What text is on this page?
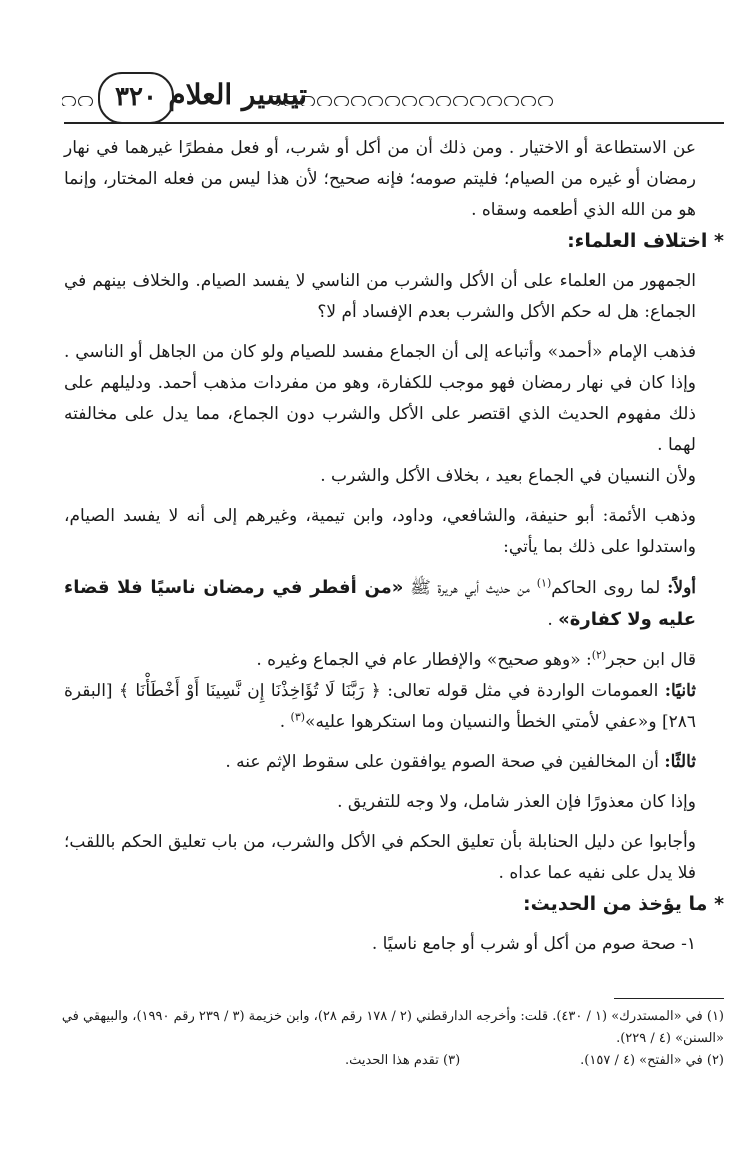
تيسير العلام
٣٢٠

عن الاستطاعة أو الاختيار . ومن ذلك أن من أكل أو شرب، أو فعل مفطرًا غيرهما في نهار رمضان أو غيره من الصيام؛ فليتم صومه؛ فإنه صحيح؛ لأن هذا ليس من فعله المختار، وإنما هو من الله الذي أطعمه وسقاه .

* اختلاف العلماء:

الجمهور من العلماء على أن الأكل والشرب من الناسي لا يفسد الصيام. والخلاف بينهم في الجماع: هل له حكم الأكل والشرب بعدم الإفساد أم لا؟

فذهب الإمام «أحمد» وأتباعه إلى أن الجماع مفسد للصيام ولو كان من الجاهل أو الناسي . وإذا كان في نهار رمضان فهو موجب للكفارة، وهو من مفردات مذهب أحمد. ودليلهم على ذلك مفهوم الحديث الذي اقتصر على الأكل والشرب دون الجماع، مما يدل على مخالفته لهما .

ولأن النسيان في الجماع بعيد ، بخلاف الأكل والشرب .

وذهب الأئمة: أبو حنيفة، والشافعي، وداود، وابن تيمية، وغيرهم إلى أنه لا يفسد الصيام، واستدلوا على ذلك بما يأتي:

أولاً: لما روى الحاكم$^{(١)}$ من حديث أبي هريرة ﷺ «من أفطر في رمضان ناسيًا فلا قضاء عليه ولا كفارة» .

قال ابن حجر$^{(٢)}$: «وهو صحيح» والإفطار عام في الجماع وغيره .

ثانيًا: العمومات الواردة في مثل قوله تعالى: ﴿ رَبَّنَا لَا تُؤَاخِذْنَا إِن نَّسِينَا أَوْ أَخْطَأْنَا ﴾ [البقرة ٢٨٦] و«عفي لأمتي الخطأ والنسيان وما استكرهوا عليه»$^{(٣)}$ .

ثالثًا: أن المخالفين في صحة الصوم يوافقون على سقوط الإثم عنه .

وإذا كان معذورًا فإن العذر شامل، ولا وجه للتفريق .

وأجابوا عن دليل الحنابلة بأن تعليق الحكم في الأكل والشرب، من باب تعليق الحكم باللقب؛ فلا يدل على نفيه عما عداه .

* ما يؤخذ من الحديث:

١- صحة صوم من أكل أو شرب أو جامع ناسيًا .

(١) في «المستدرك» (١ / ٤٣٠). قلت: وأخرجه الدارقطني (٢ / ١٧٨ رقم ٢٨)، وابن خزيمة (٣ / ٢٣٩ رقم ١٩٩٠)، والبيهقي في «السنن» (٤ / ٢٢٩).

(٢) في «الفتح» (٤ / ١٥٧).

(٣) تقدم هذا الحديث.
